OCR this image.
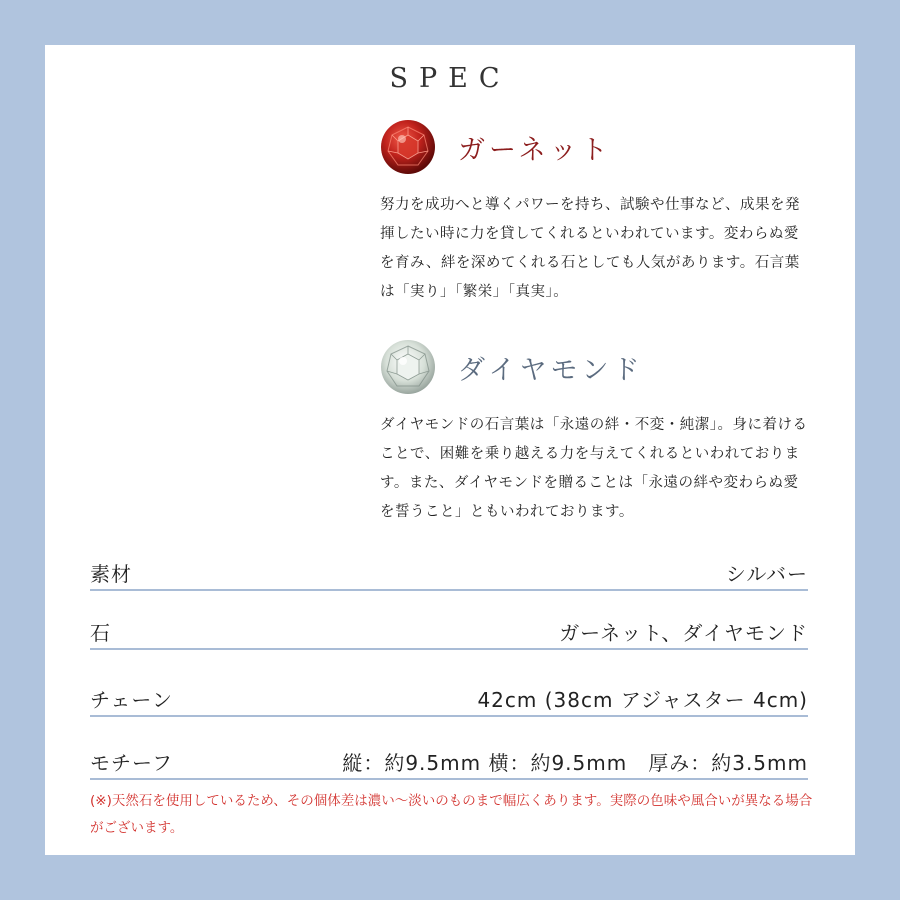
SPEC
ガーネット
努力を成功へと導くパワーを持ち、試験や仕事など、成果を発揮したい時に力を貸してくれるといわれています。変わらぬ愛を育み、絆を深めてくれる石としても人気があります。石言葉は「実り」「繁栄」「真実」。
ダイヤモンド
ダイヤモンドの石言葉は「永遠の絆・不変・純潔」。身に着けることで、困難を乗り越える力を与えてくれるといわれております。また、ダイヤモンドを贈ることは「永遠の絆や変わらぬ愛を誓うこと」ともいわれております。
素材	シルバー
石	ガーネット、ダイヤモンド
チェーン	42cm (38cm アジャスター 4cm)
モチーフ	縦：約9.5mm 横：約9.5mm　厚み：約3.5mm
(※)天然石を使用しているため、その個体差は濃い〜淡いのものまで幅広くあります。実際の色味や風合いが異なる場合がございます。
